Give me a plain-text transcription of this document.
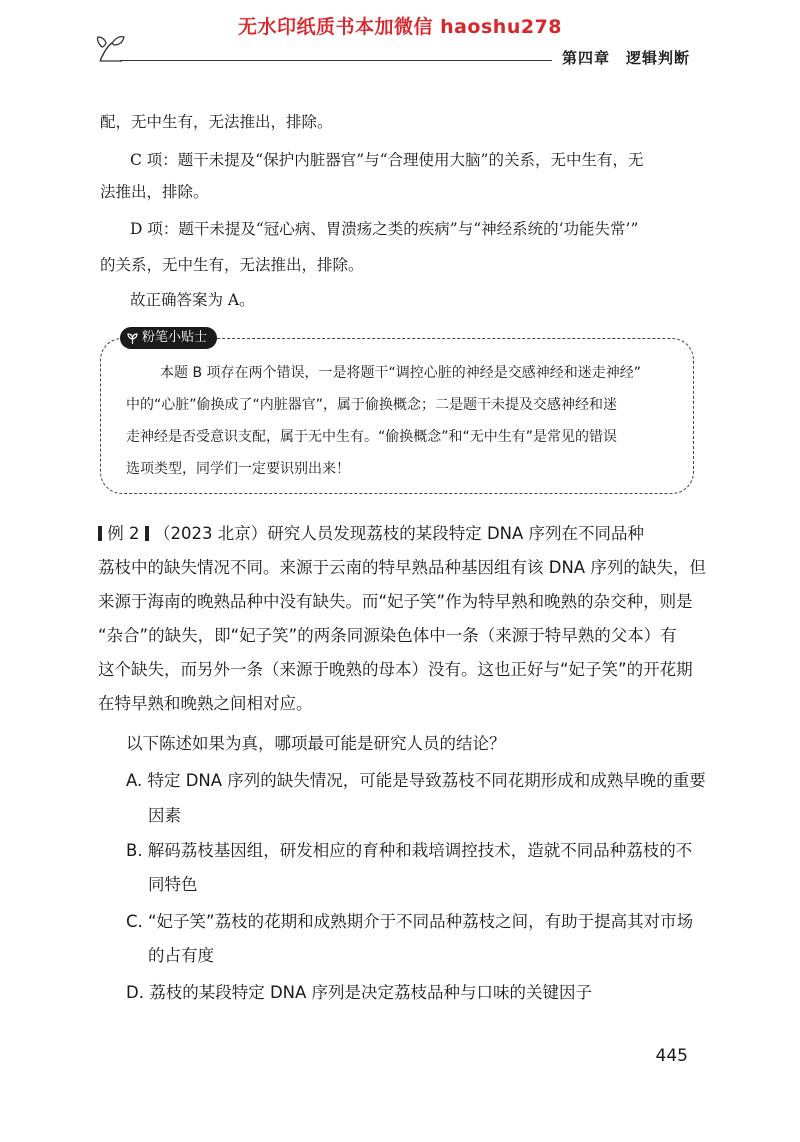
无水印纸质书本加微信 haoshu278
第四章　逻辑判断
配，无中生有，无法推出，排除。
C 项：题干未提及“保护内脏器官”与“合理使用大脑”的关系，无中生有，无
法推出，排除。
D 项：题干未提及“冠心病、胃溃疡之类的疾病”与“神经系统的‘功能失常’”
的关系，无中生有，无法推出，排除。
故正确答案为 A。
粉笔小贴士
本题 B 项存在两个错误，一是将题干“调控心脏的神经是交感神经和迷走神经”
中的“心脏”偷换成了“内脏器官”，属于偷换概念；二是题干未提及交感神经和迷
走神经是否受意识支配，属于无中生有。“偷换概念”和“无中生有”是常见的错误
选项类型，同学们一定要识别出来！
例 2 （2023 北京）研究人员发现荔枝的某段特定 DNA 序列在不同品种
荔枝中的缺失情况不同。来源于云南的特早熟品种基因组有该 DNA 序列的缺失，但
来源于海南的晚熟品种中没有缺失。而“妃子笑”作为特早熟和晚熟的杂交种，则是
“杂合”的缺失，即“妃子笑”的两条同源染色体中一条（来源于特早熟的父本）有
这个缺失，而另外一条（来源于晚熟的母本）没有。这也正好与“妃子笑”的开花期
在特早熟和晚熟之间相对应。
以下陈述如果为真，哪项最可能是研究人员的结论？
A. 特定 DNA 序列的缺失情况，可能是导致荔枝不同花期形成和成熟早晚的重要
因素
B. 解码荔枝基因组，研发相应的育种和栽培调控技术，造就不同品种荔枝的不
同特色
C. “妃子笑”荔枝的花期和成熟期介于不同品种荔枝之间，有助于提高其对市场
的占有度
D. 荔枝的某段特定 DNA 序列是决定荔枝品种与口味的关键因子
445
